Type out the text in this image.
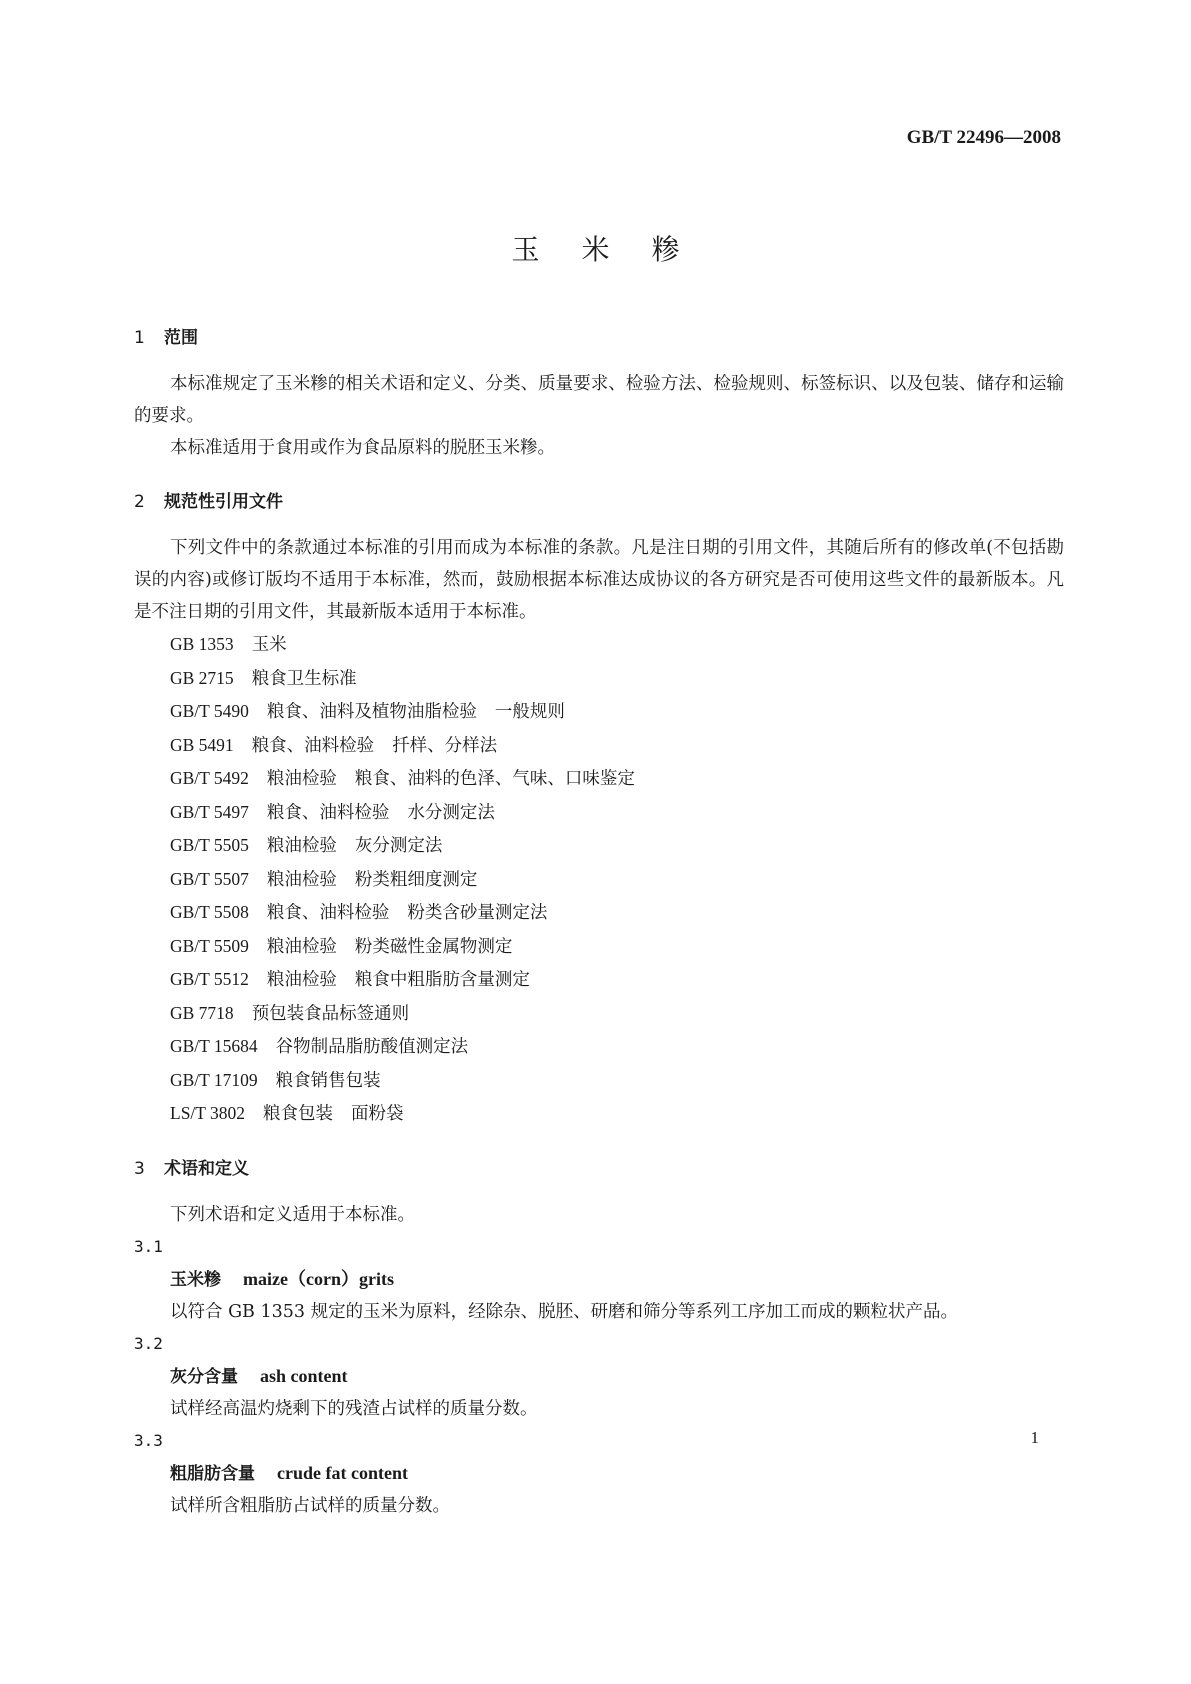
GB/T 22496—2008
玉米糁

1 范围

本标准规定了玉米糁的相关术语和定义、分类、质量要求、检验方法、检验规则、标签标识、以及包装、储存和运输的要求。

本标准适用于食用或作为食品原料的脱胚玉米糁。

2 规范性引用文件

下列文件中的条款通过本标准的引用而成为本标准的条款。凡是注日期的引用文件，其随后所有的修改单(不包括勘误的内容)或修订版均不适用于本标准，然而，鼓励根据本标准达成协议的各方研究是否可使用这些文件的最新版本。凡是不注日期的引用文件，其最新版本适用于本标准。

GB 1353 玉米
GB 2715 粮食卫生标准
GB/T 5490 粮食、油料及植物油脂检验 一般规则
GB 5491 粮食、油料检验 扦样、分样法
GB/T 5492 粮油检验 粮食、油料的色泽、气味、口味鉴定
GB/T 5497 粮食、油料检验 水分测定法
GB/T 5505 粮油检验 灰分测定法
GB/T 5507 粮油检验 粉类粗细度测定
GB/T 5508 粮食、油料检验 粉类含砂量测定法
GB/T 5509 粮油检验 粉类磁性金属物测定
GB/T 5512 粮油检验 粮食中粗脂肪含量测定
GB 7718 预包装食品标签通则
GB/T 15684 谷物制品脂肪酸值测定法
GB/T 17109 粮食销售包装
LS/T 3802 粮食包装 面粉袋

3 术语和定义

下列术语和定义适用于本标准。

3.1

玉米糁 maize（corn）grits

以符合 GB 1353 规定的玉米为原料，经除杂、脱胚、研磨和筛分等系列工序加工而成的颗粒状产品。

3.2

灰分含量 ash content

试样经高温灼烧剩下的残渣占试样的质量分数。

3.3

粗脂肪含量 crude fat content

试样所含粗脂肪占试样的质量分数。

1
